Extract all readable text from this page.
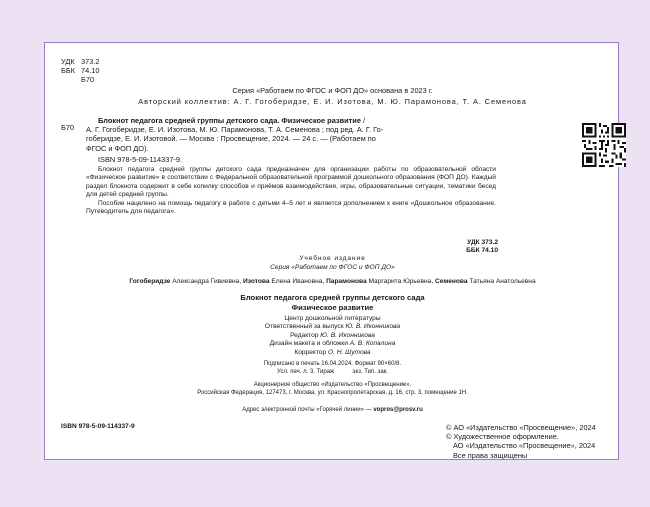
УДК 373.2
ББК 74.10
Б70
Серия «Работаем по ФГОС и ФОП ДО» основана в 2023 г.
Авторский коллектив: А. Г. Гогоберидзе, Е. И. Изотова, М. Ю. Парамонова, Т. А. Семенова
Б70

Блокнот педагога средней группы детского сада. Физическое развитие /

А. Г. Гогоберидзе, Е. И. Изотова, М. Ю. Парамонова, Т. А. Семенова ; под ред. А. Г. Го-

гоберидзе, Е. И. Изотовой. — Москва : Просвещение, 2024. — 24 с. — (Работаем по

ФГОС и ФОП ДО).

ISBN 978-5-09-114337-9.

Блокнот педагога средней группы детского сада предназначен для организации работы по образовательной области «Физическое развитие» в соответствии с Федеральной образовательной программой дошкольного образования (ФОП ДО). Каждый раздел блокнота содержит в себе копилку способов и приёмов взаимодействия, игры, образовательные ситуации, тематики бесед для детей средней группы.

Пособие нацелено на помощь педагогу в работе с детьми 4–5 лет и является дополнением к книге «Дошкольное образование. Путеводитель для педагога».

УДК 373.2
ББК 74.10

Учебное издание

Серия «Работаем по ФГОС и ФОП ДО»

Гогоберидзе Александра Гивиевна, Изотова Елена Ивановна, Парамонова Маргарита Юрьевна, Семенова Татьяна Анатольевна

Блокнот педагога средней группы детского сада

Физическое развитие

Центр дошкольной литературы

Ответственный за выпуск Ю. В. Иконникова

Редактор Ю. В. Иконникова

Дизайн макета и обложки А. В. Копалина

Корректор О. Н. Шутова

Подписано в печать 16.04.2024. Формат 90×60/8.

Усл. печ. л. 3. Тираж           экз. Тип. зак.

Акционерное общество «Издательство «Просвещение».

Российская Федерация, 127473, г. Москва, ул. Краснопролетарская, д. 16, стр. 3, помещение 1Н.

Адрес электронной почты «Горячей линии» — vopros@prosv.ru
ISBN 978-5-09-114337-9	© АО «Издательство «Просвещение», 2024

© Художественное оформление.

АО «Издательство «Просвещение», 2024

Все права защищены
